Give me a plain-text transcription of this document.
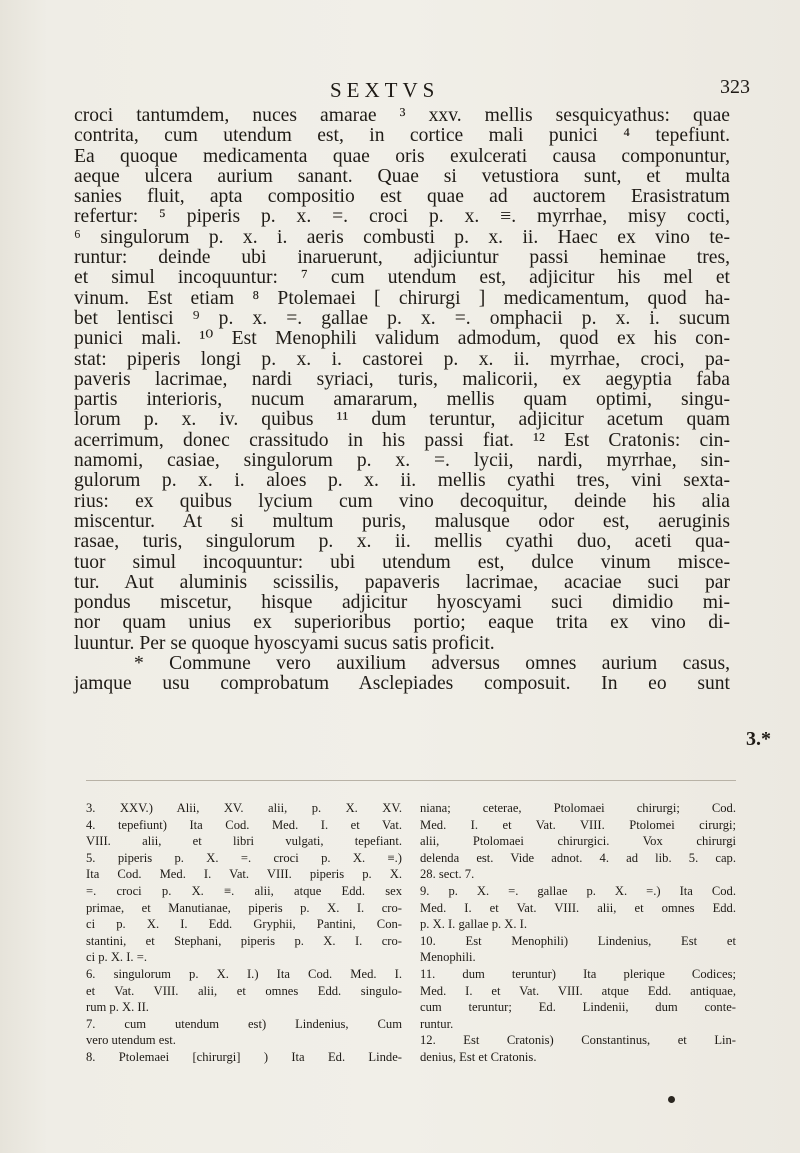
SEXTVS	323
croci tantumdem, nuces amarae ³ xxv. mellis sesquicyathus: quae
contrita, cum utendum est, in cortice mali punici ⁴ tepefiunt.
Ea quoque medicamenta quae oris exulcerati causa componuntur,
aeque ulcera aurium sanant. Quae si vetustiora sunt, et multa
sanies fluit, apta compositio est quae ad auctorem Erasistratum
refertur: ⁵ piperis p. x. =. croci p. x. ≡. myrrhae, misy cocti,
⁶ singulorum p. x. i. aeris combusti p. x. ii. Haec ex vino te-
runtur: deinde ubi inaruerunt, adjiciuntur passi heminae tres,
et simul incoquuntur: ⁷ cum utendum est, adjicitur his mel et
vinum. Est etiam ⁸ Ptolemaei [ chirurgi ] medicamentum, quod ha-
bet lentisci ⁹ p. x. =. gallae p. x. =. omphacii p. x. i. sucum
punici mali. ¹⁰ Est Menophili validum admodum, quod ex his con-
stat: piperis longi p. x. i. castorei p. x. ii. myrrhae, croci, pa-
paveris lacrimae, nardi syriaci, turis, malicorii, ex aegyptia faba
partis interioris, nucum amararum, mellis quam optimi, singu-
lorum p. x. iv. quibus ¹¹ dum teruntur, adjicitur acetum quam
acerrimum, donec crassitudo in his passi fiat. ¹² Est Cratonis: cin-
namomi, casiae, singulorum p. x. =. lycii, nardi, myrrhae, sin-
gulorum p. x. i. aloes p. x. ii. mellis cyathi tres, vini sexta-
rius: ex quibus lycium cum vino decoquitur, deinde his alia
miscentur. At si multum puris, malusque odor est, aeruginis
rasae, turis, singulorum p. x. ii. mellis cyathi duo, aceti qua-
tuor simul incoquuntur: ubi utendum est, dulce vinum misce-
tur. Aut aluminis scissilis, papaveris lacrimae, acaciae suci par
pondus miscetur, hisque adjicitur hyoscyami suci dimidio mi-
nor quam unius ex superioribus portio; eaque trita ex vino di-
luuntur. Per se quoque hyoscyami sucus satis proficit.
* Commune vero auxilium adversus omnes aurium casus,
jamque usu comprobatum Asclepiades composuit. In eo sunt
3.*
3. XXV.) Alii, XV. alii, p. X. XV.
4. tepefiunt) Ita Cod. Med. I. et Vat.
VIII. alii, et libri vulgati, tepefiant.
5. piperis p. X. =. croci p. X. ≡.)
Ita Cod. Med. I. Vat. VIII. piperis p. X.
=. croci p. X. ≡. alii, atque Edd. sex
primae, et Manutianae, piperis p. X. I. cro-
ci p. X. I. Edd. Gryphii, Pantini, Con-
stantini, et Stephani, piperis p. X. I. cro-
ci p. X. I. =.
6. singulorum p. X. I.) Ita Cod. Med. I.
et Vat. VIII. alii, et omnes Edd. singulo-
rum p. X. II.
7. cum utendum est) Lindenius, Cum
vero utendum est.
8. Ptolemaei [chirurgi] ) Ita Ed. Linde-
niana; ceterae, Ptolomaei chirurgi; Cod.
Med. I. et Vat. VIII. Ptolomei cirurgi;
alii, Ptolomaei chirurgici. Vox chirurgi
delenda est. Vide adnot. 4. ad lib. 5. cap.
28. sect. 7.
9. p. X. =. gallae p. X. =.) Ita Cod.
Med. I. et Vat. VIII. alii, et omnes Edd.
p. X. I. gallae p. X. I.
10. Est Menophili) Lindenius, Est et
Menophili.
11. dum teruntur) Ita plerique Codices;
Med. I. et Vat. VIII. atque Edd. antiquae,
cum teruntur; Ed. Lindenii, dum conte-
runtur.
12. Est Cratonis) Constantinus, et Lin-
denius, Est et Cratonis.
